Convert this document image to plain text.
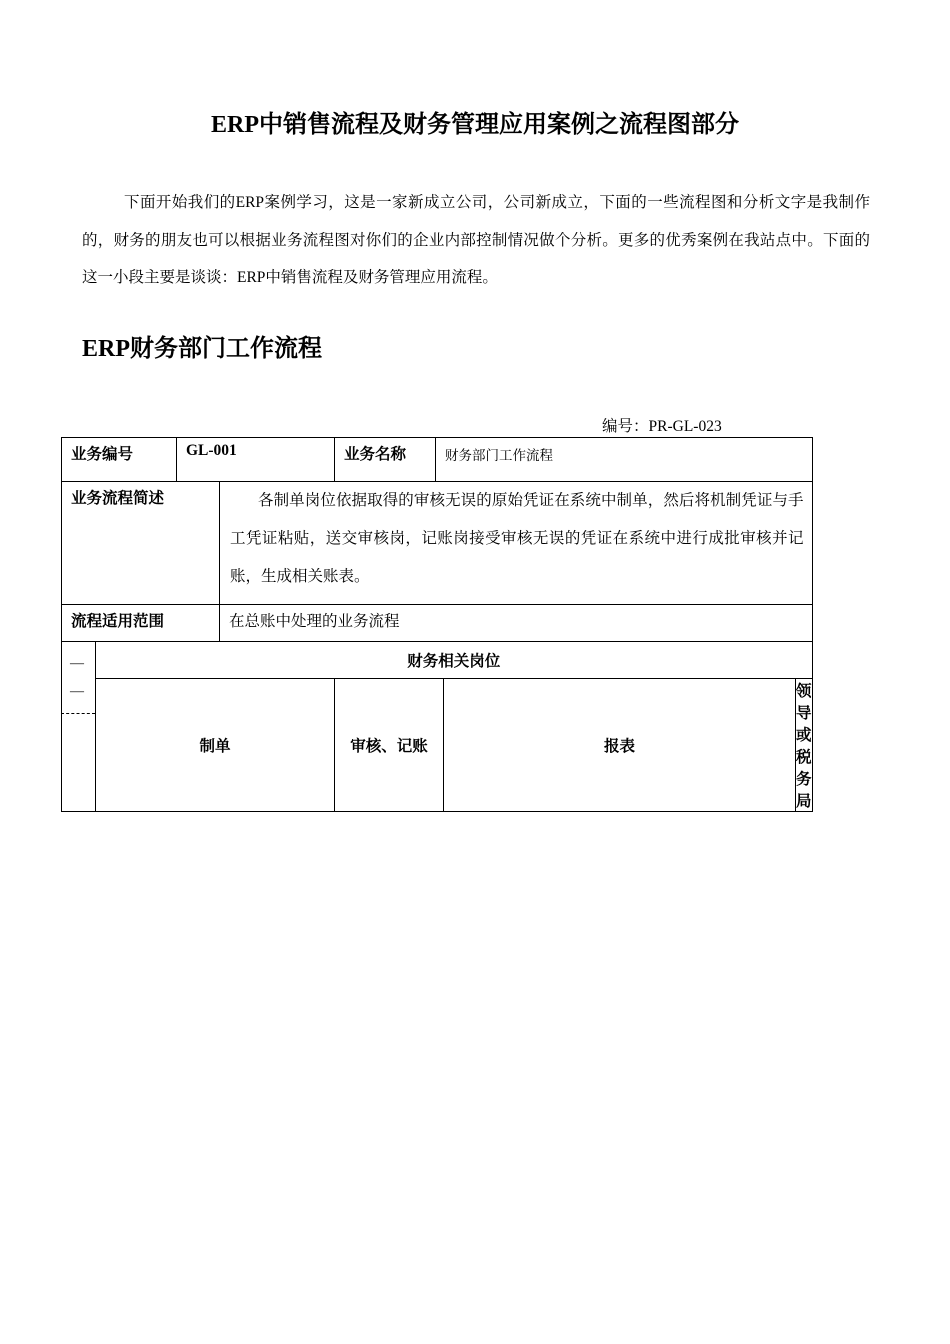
ERP中销售流程及财务管理应用案例之流程图部分

下面开始我们的ERP案例学习，这是一家新成立公司，公司新成立，下面的一些流程图和分析文字是我制作的，财务的朋友也可以根据业务流程图对你们的企业内部控制情况做个分析。更多的优秀案例在我站点中。下面的这一小段主要是谈谈：ERP中销售流程及财务管理应用流程。

ERP财务部门工作流程
编号：PR-GL-023
业务编号		GL-001		业务名称	财务部门工作流程		

业务流程简述			各制单岗位依据取得的审核无误的原始凭证在系统中制单，然后将机制凭证与手工凭证粘贴，送交审核岗，记账岗接受审核无误的凭证在系统中进行成批审核并记账，生成相关账表。				

流程适用范围			在总账中处理的业务流程				

—
—	财务相关岗位						
	制单			审核、记账		报表	领导或税务局
